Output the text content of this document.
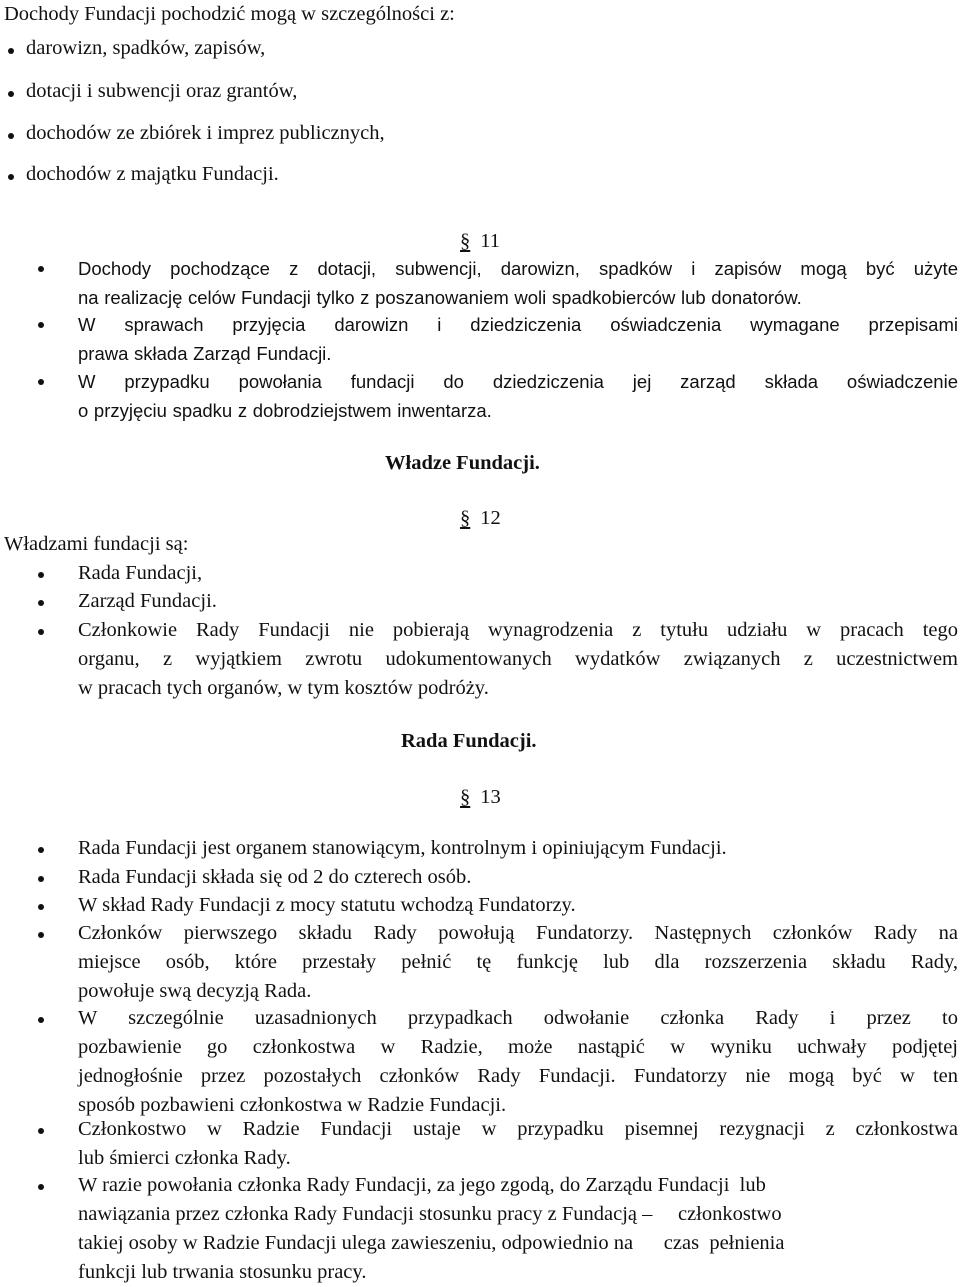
Dochody Fundacji pochodzić mogą w szczególności z:
darowizn, spadków, zapisów,
dotacji i subwencji oraz grantów,
dochodów ze zbiórek i imprez publicznych,
dochodów z majątku Fundacji.
§ 11
Dochody pochodzące z dotacji, subwencji, darowizn, spadków i zapisów mogą być użyte
na realizację celów Fundacji tylko z poszanowaniem woli spadkobierców lub donatorów.
W sprawach przyjęcia darowizn i dziedziczenia oświadczenia wymagane przepisami
prawa składa Zarząd Fundacji.
W przypadku powołania fundacji do dziedziczenia jej zarząd składa oświadczenie
o przyjęciu spadku z dobrodziejstwem inwentarza.
Władze Fundacji.
§ 12
Władzami fundacji są:
Rada Fundacji,
Zarząd Fundacji.
Członkowie Rady Fundacji nie pobierają wynagrodzenia z tytułu udziału w pracach tego
organu, z wyjątkiem zwrotu udokumentowanych wydatków związanych z uczestnictwem
w pracach tych organów, w tym kosztów podróży.
Rada Fundacji.
§ 13
Rada Fundacji jest organem stanowiącym, kontrolnym i opiniującym Fundacji.
Rada Fundacji składa się od 2 do czterech osób.
W skład Rady Fundacji z mocy statutu wchodzą Fundatorzy.
Członków pierwszego składu Rady powołują Fundatorzy. Następnych członków Rady na
miejsce osób, które przestały pełnić tę funkcję lub dla rozszerzenia składu Rady,
powołuje swą decyzją Rada.
W szczególnie uzasadnionych przypadkach odwołanie członka Rady i przez to
pozbawienie go członkostwa w Radzie, może nastąpić w wyniku uchwały podjętej
jednogłośnie przez pozostałych członków Rady Fundacji. Fundatorzy nie mogą być w ten
sposób pozbawieni członkostwa w Radzie Fundacji.
Członkostwo w Radzie Fundacji ustaje w przypadku pisemnej rezygnacji z członkostwa
lub śmierci członka Rady.
W razie powołania członka Rady Fundacji, za jego zgodą, do Zarządu Fundacji  lub
nawiązania przez członka Rady Fundacji stosunku pracy z Fundacją –     członkostwo
takiej osoby w Radzie Fundacji ulega zawieszeniu, odpowiednio na      czas  pełnienia
funkcji lub trwania stosunku pracy.
